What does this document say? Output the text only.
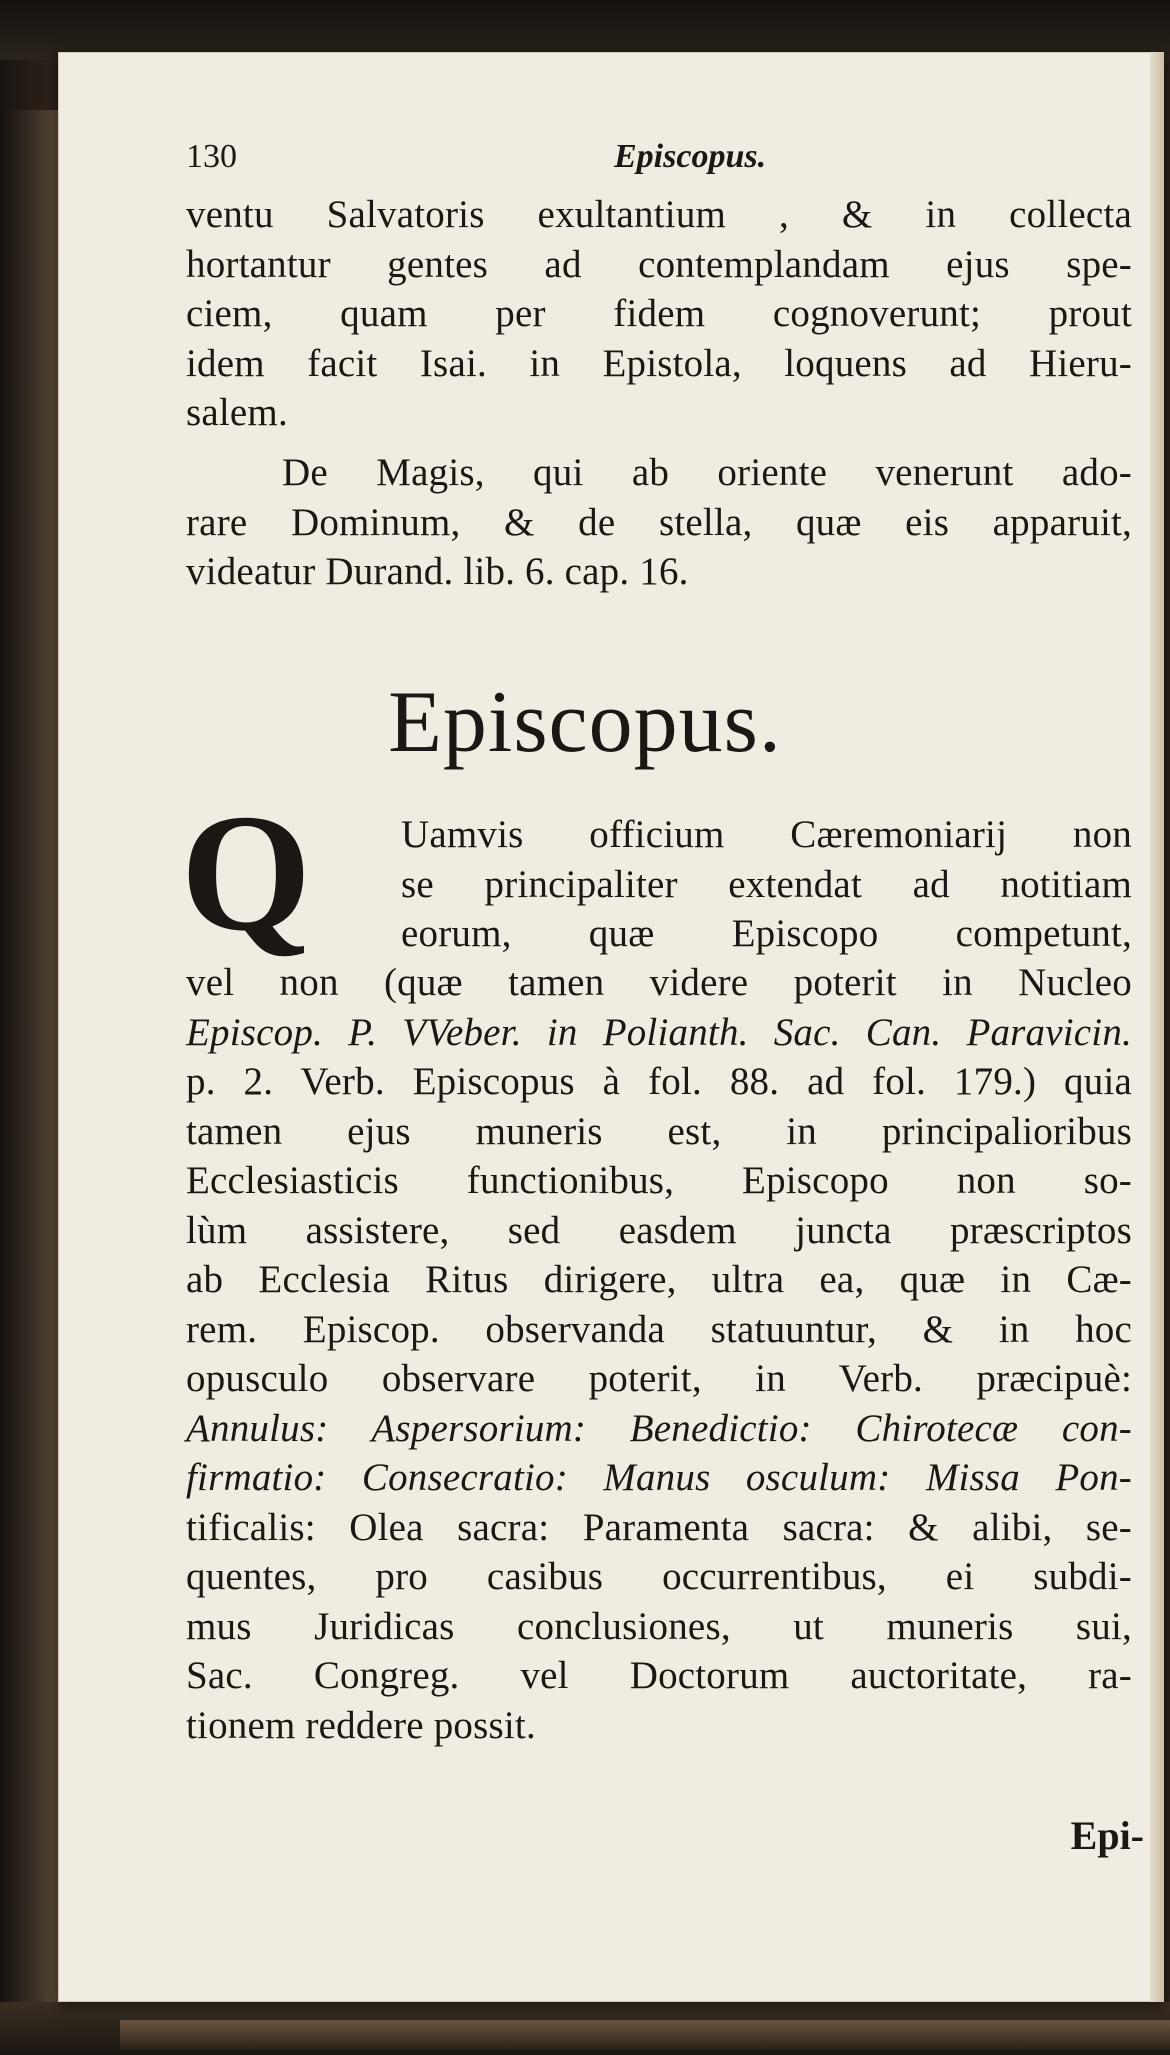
130	Episcopus.
ventu Salvatoris exultantium , & in collecta
hortantur gentes ad contemplandam ejus spe-
ciem, quam per fidem cognoverunt; prout
idem facit Isai. in Epistola, loquens ad Hieru-
salem.
De Magis, qui ab oriente venerunt ado-
rare Dominum, & de stella, quæ eis apparuit,
videatur Durand. lib. 6. cap. 16.
Episcopus.
Q Uamvis officium Cæremoniarij non
se principaliter extendat ad notitiam
eorum, quæ Episcopo competunt,
vel non (quæ tamen videre poterit in Nucleo
Episcop. P. VVeber. in Polianth. Sac. Can. Paravicin.
p. 2. Verb. Episcopus à fol. 88. ad fol. 179.) quia
tamen ejus muneris est, in principalioribus
Ecclesiasticis functionibus, Episcopo non so-
lùm assistere, sed easdem juncta præscriptos
ab Ecclesia Ritus dirigere, ultra ea, quæ in Cæ-
rem. Episcop. observanda statuuntur, & in hoc
opusculo observare poterit, in Verb. præcipuè:
Annulus: Aspersorium: Benedictio: Chirotecæ con-
firmatio: Consecratio: Manus osculum: Missa Pon-
tificalis: Olea sacra: Paramenta sacra: & alibi, se-
quentes, pro casibus occurrentibus, ei subdi-
mus Juridicas conclusiones, ut muneris sui,
Sac. Congreg. vel Doctorum auctoritate, ra-
tionem reddere possit.
Epi-
